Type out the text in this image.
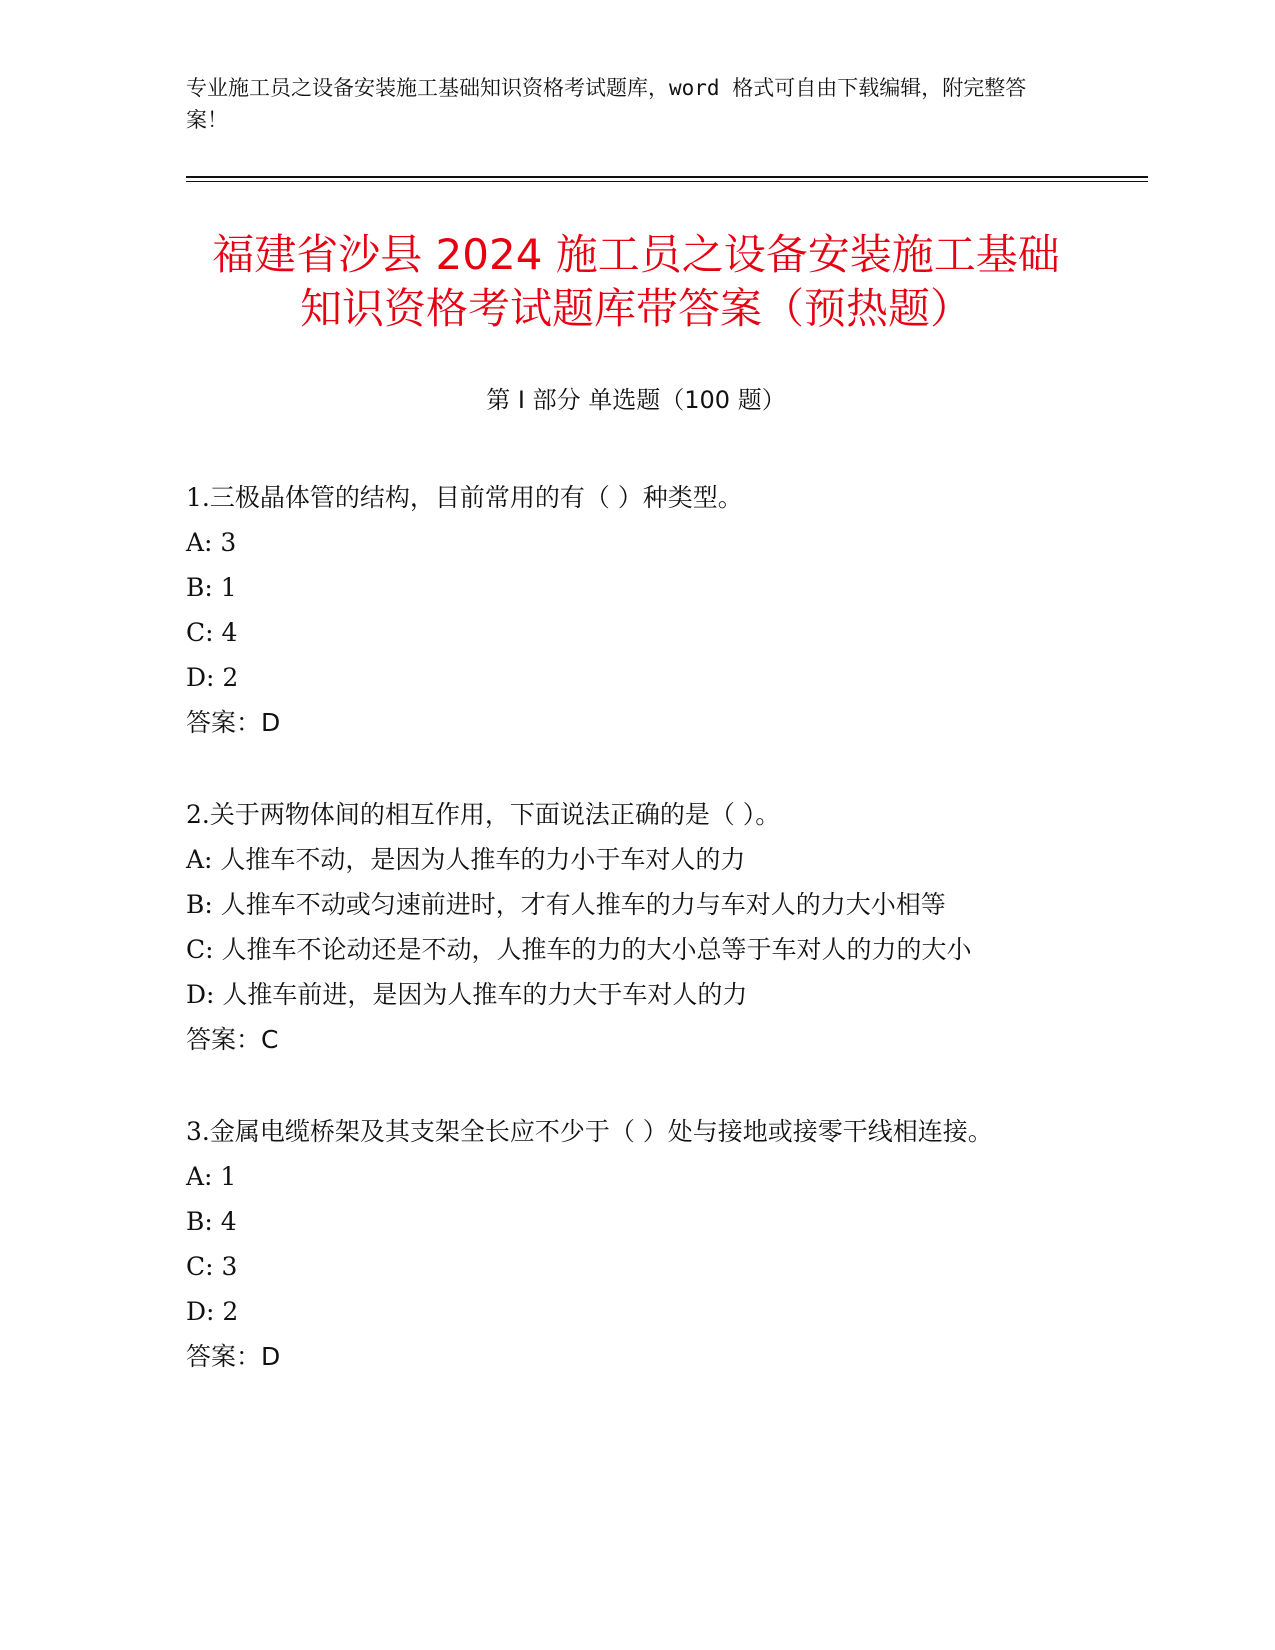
专业施工员之设备安装施工基础知识资格考试题库，word 格式可自由下载编辑，附完整答案！
福建省沙县 2024 施工员之设备安装施工基础
知识资格考试题库带答案（预热题）
第 I 部分 单选题（100 题）

1.三极晶体管的结构，目前常用的有（ ）种类型。

A: 3

B: 1

C: 4

D: 2

答案：D

2.关于两物体间的相互作用，下面说法正确的是（ ）。

A: 人推车不动，是因为人推车的力小于车对人的力

B: 人推车不动或匀速前进时，才有人推车的力与车对人的力大小相等

C: 人推车不论动还是不动，人推车的力的大小总等于车对人的力的大小

D: 人推车前进，是因为人推车的力大于车对人的力

答案：C

3.金属电缆桥架及其支架全长应不少于（ ）处与接地或接零干线相连接。

A: 1

B: 4

C: 3

D: 2

答案：D
